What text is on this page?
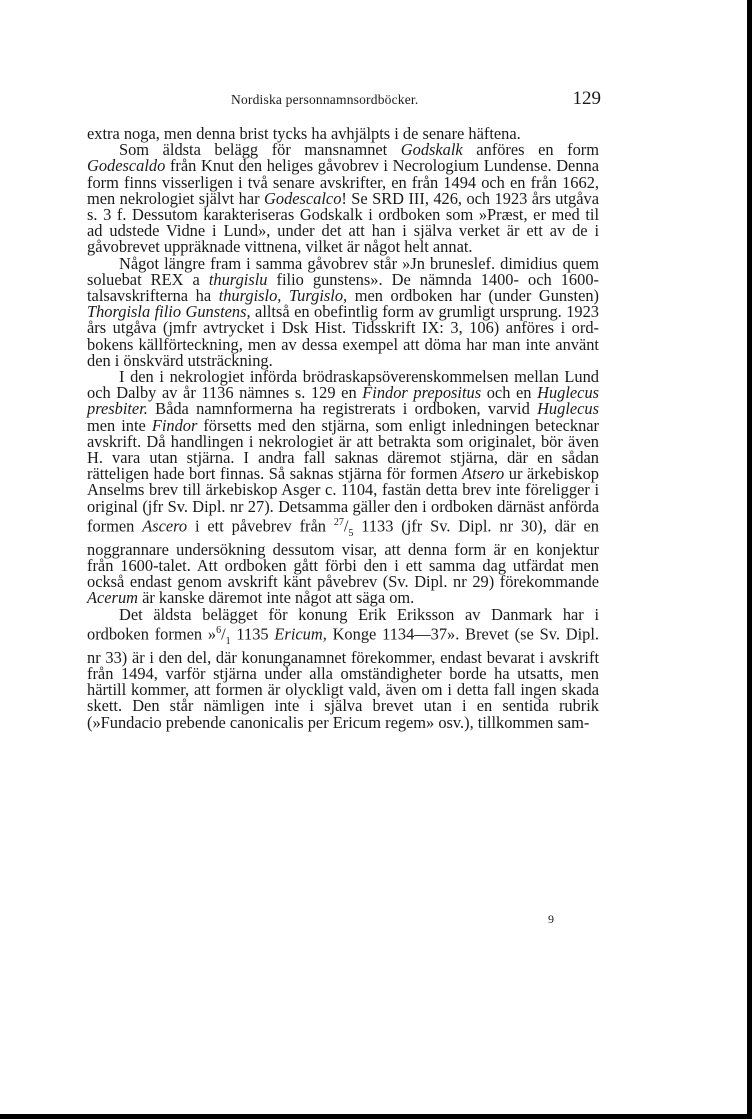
Nordiska personnamnsordböcker.	129

extra noga, men denna brist tycks ha avhjälpts i de senare häftena.

Som äldsta belägg för mansnamnet Godskalk anföres en form Godescaldo från Knut den heliges gåvobrev i Necrologium Lundense. Denna form finns visserligen i två senare avskrifter, en från 1494 och en från 1662, men nekrologiet självt har Godescalco! Se SRD III, 426, och 1923 års utgåva s. 3 f. Dessutom karakteriseras Godskalk i ordboken som »Præst, er med til ad udstede Vidne i Lund», under det att han i själva verket är ett av de i gåvobrevet uppräknade vittnena, vilket är något helt annat.

Något längre fram i samma gåvobrev står »Jn bruneslef. dimidius quem soluebat REX a thurgislu filio gunstens». De nämnda 1400- och 1600-talsavskrifterna ha thurgislo, Turgislo, men ordboken har (under Gunsten) Thorgisla filio Gunstens, alltså en obefintlig form av grumligt ursprung. 1923 års utgåva (jmfr avtrycket i Dsk Hist. Tidsskrift IX: 3, 106) anföres i ordbokens källförteckning, men av dessa exempel att döma har man inte använt den i önskvärd utsträckning.

I den i nekrologiet införda brödraskapsöverenskommelsen mellan Lund och Dalby av år 1136 nämnes s. 129 en Findor prepositus och en Huglecus presbiter. Båda namnformerna ha registrerats i ordboken, varvid Huglecus men inte Findor försetts med den stjärna, som enligt inledningen betecknar avskrift. Då handlingen i nekrologiet är att betrakta som originalet, bör även H. vara utan stjärna. I andra fall saknas däremot stjärna, där en sådan rätteligen hade bort finnas. Så saknas stjärna för formen Atsero ur ärkebiskop Anselms brev till ärkebiskop Asger c. 1104, fastän detta brev inte föreligger i original (jfr Sv. Dipl. nr 27). Detsamma gäller den i ordboken därnäst anförda formen Ascero i ett påvebrev från $^{27}/_5$ 1133 (jfr Sv. Dipl. nr 30), där en noggrannare undersökning dessutom visar, att denna form är en konjektur från 1600-talet. Att ordboken gått förbi den i ett samma dag utfärdat men också endast genom avskrift känt påvebrev (Sv. Dipl. nr 29) förekommande Acerum är kanske däremot inte något att säga om.

Det äldsta belägget för konung Erik Eriksson av Danmark har i ordboken formen $»^6/_1$ 1135 Ericum, Konge 1134—37». Brevet (se Sv. Dipl. nr 33) är i den del, där konunganamnet förekommer, endast bevarat i avskrift från 1494, varför stjärna under alla omständigheter borde ha utsatts, men härtill kommer, att formen är olyckligt vald, även om i detta fall ingen skada skett. Den står nämligen inte i själva brevet utan i en sentida rubrik (»Fundacio prebende canonicalis per Ericum regem» osv.), tillkommen sam-

9
